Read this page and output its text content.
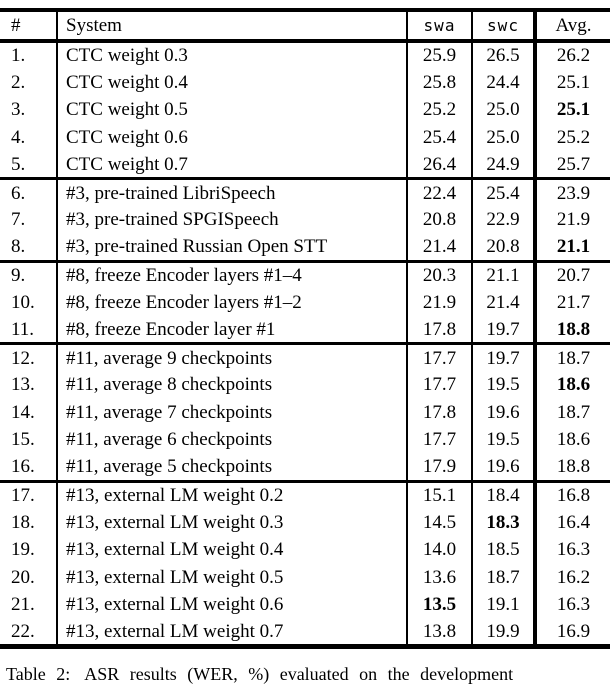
#	System	swa	swc	Avg.
1.	CTC weight 0.3	25.9	26.5	26.2
2.	CTC weight 0.4	25.8	24.4	25.1
3.	CTC weight 0.5	25.2	25.0	25.1
4.	CTC weight 0.6	25.4	25.0	25.2
5.	CTC weight 0.7	26.4	24.9	25.7
6.	#3, pre-trained LibriSpeech	22.4	25.4	23.9
7.	#3, pre-trained SPGISpeech	20.8	22.9	21.9
8.	#3, pre-trained Russian Open STT	21.4	20.8	21.1
9.	#8, freeze Encoder layers #1–4	20.3	21.1	20.7
10.	#8, freeze Encoder layers #1–2	21.9	21.4	21.7
11.	#8, freeze Encoder layer #1	17.8	19.7	18.8
12.	#11, average 9 checkpoints	17.7	19.7	18.7
13.	#11, average 8 checkpoints	17.7	19.5	18.6
14.	#11, average 7 checkpoints	17.8	19.6	18.7
15.	#11, average 6 checkpoints	17.7	19.5	18.6
16.	#11, average 5 checkpoints	17.9	19.6	18.8
17.	#13, external LM weight 0.2	15.1	18.4	16.8
18.	#13, external LM weight 0.3	14.5	18.3	16.4
19.	#13, external LM weight 0.4	14.0	18.5	16.3
20.	#13, external LM weight 0.5	13.6	18.7	16.2
21.	#13, external LM weight 0.6	13.5	19.1	16.3
22.	#13, external LM weight 0.7	13.8	19.9	16.9
Table 2: ASR results (WER, %) evaluated on the development
